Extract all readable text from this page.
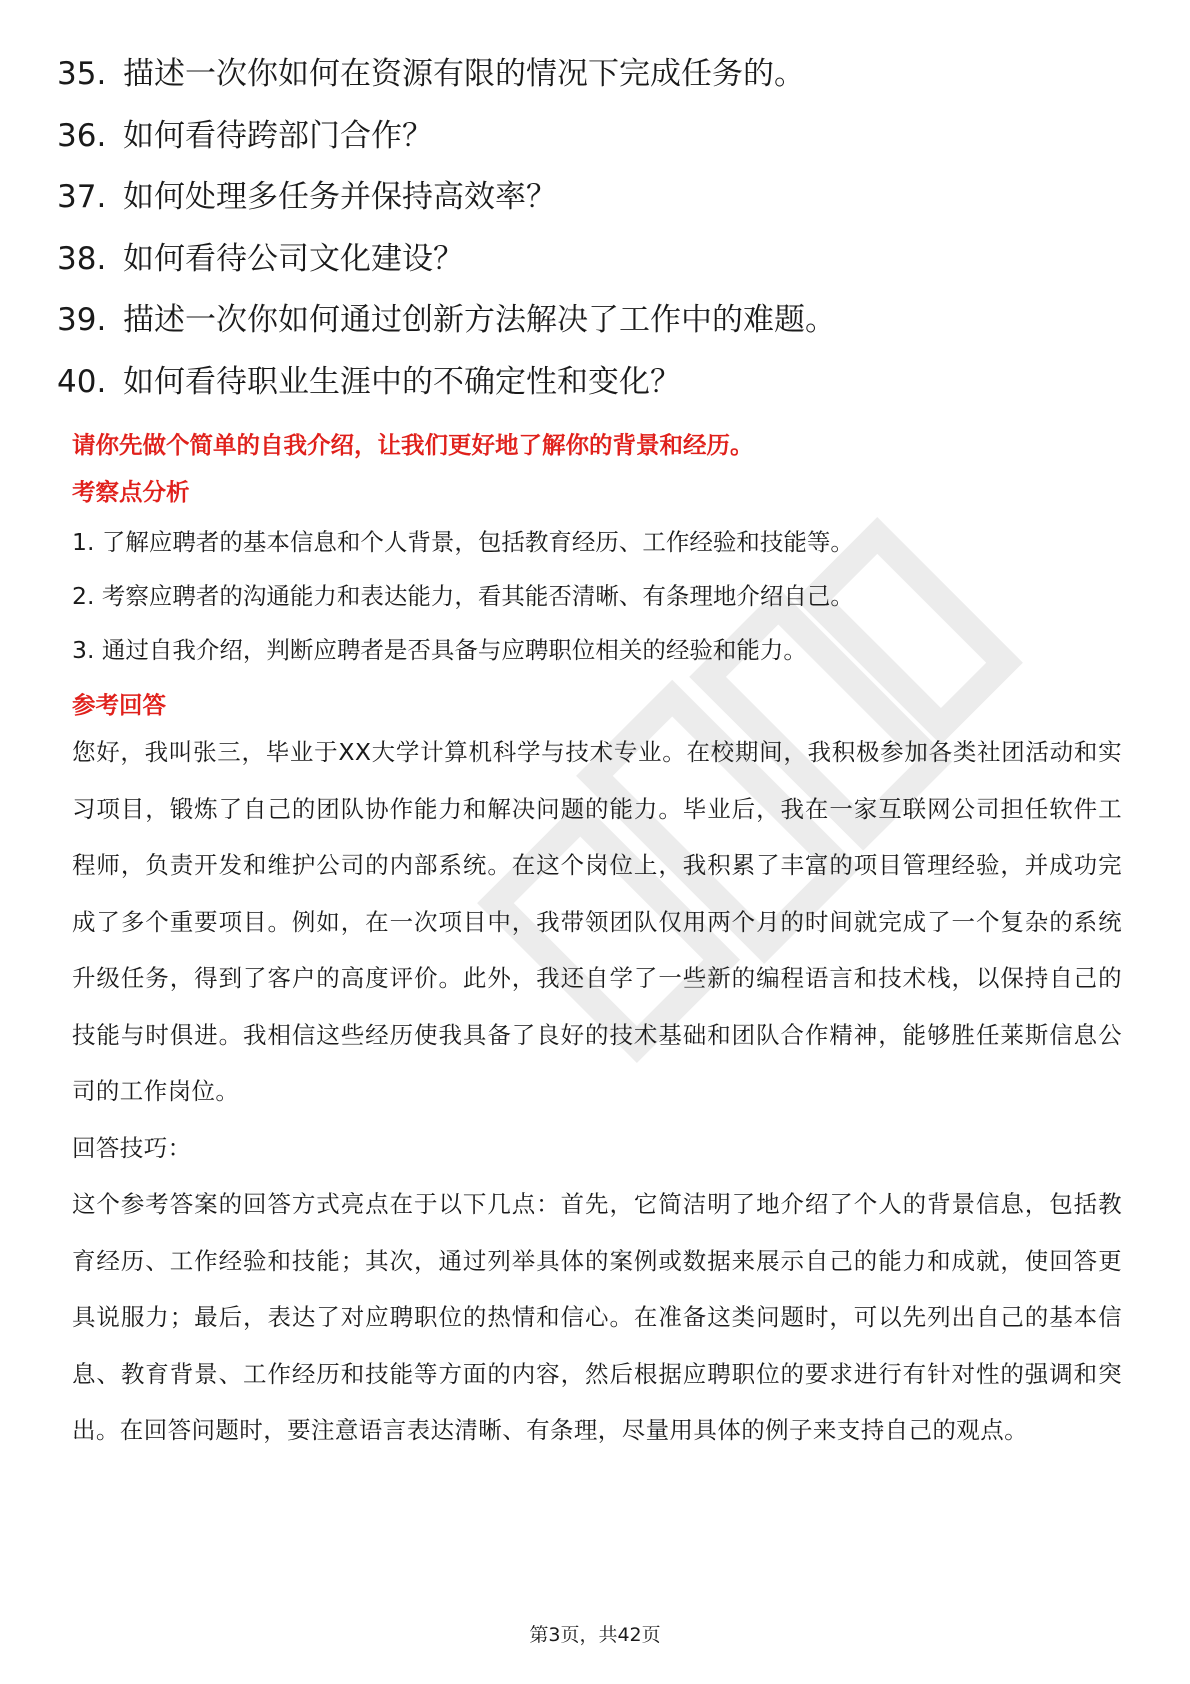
35. 描述一次你如何在资源有限的情况下完成任务的。
36. 如何看待跨部门合作？
37. 如何处理多任务并保持高效率？
38. 如何看待公司文化建设？
39. 描述一次你如何通过创新方法解决了工作中的难题。
40. 如何看待职业生涯中的不确定性和变化？

请你先做个简单的自我介绍，让我们更好地了解你的背景和经历。

考察点分析

1. 了解应聘者的基本信息和个人背景，包括教育经历、工作经验和技能等。
2. 考察应聘者的沟通能力和表达能力，看其能否清晰、有条理地介绍自己。
3. 通过自我介绍，判断应聘者是否具备与应聘职位相关的经验和能力。

参考回答

您好，我叫张三，毕业于XX大学计算机科学与技术专业。在校期间，我积极参加各类社团活动和实习项目，锻炼了自己的团队协作能力和解决问题的能力。毕业后，我在一家互联网公司担任软件工程师，负责开发和维护公司的内部系统。在这个岗位上，我积累了丰富的项目管理经验，并成功完成了多个重要项目。例如，在一次项目中，我带领团队仅用两个月的时间就完成了一个复杂的系统升级任务，得到了客户的高度评价。此外，我还自学了一些新的编程语言和技术栈，以保持自己的技能与时俱进。我相信这些经历使我具备了良好的技术基础和团队合作精神，能够胜任莱斯信息公司的工作岗位。

回答技巧：

这个参考答案的回答方式亮点在于以下几点：首先，它简洁明了地介绍了个人的背景信息，包括教育经历、工作经验和技能；其次，通过列举具体的案例或数据来展示自己的能力和成就，使回答更具说服力；最后，表达了对应聘职位的热情和信心。在准备这类问题时，可以先列出自己的基本信息、教育背景、工作经历和技能等方面的内容，然后根据应聘职位的要求进行有针对性的强调和突出。在回答问题时，要注意语言表达清晰、有条理，尽量用具体的例子来支持自己的观点。

第3页，共42页
